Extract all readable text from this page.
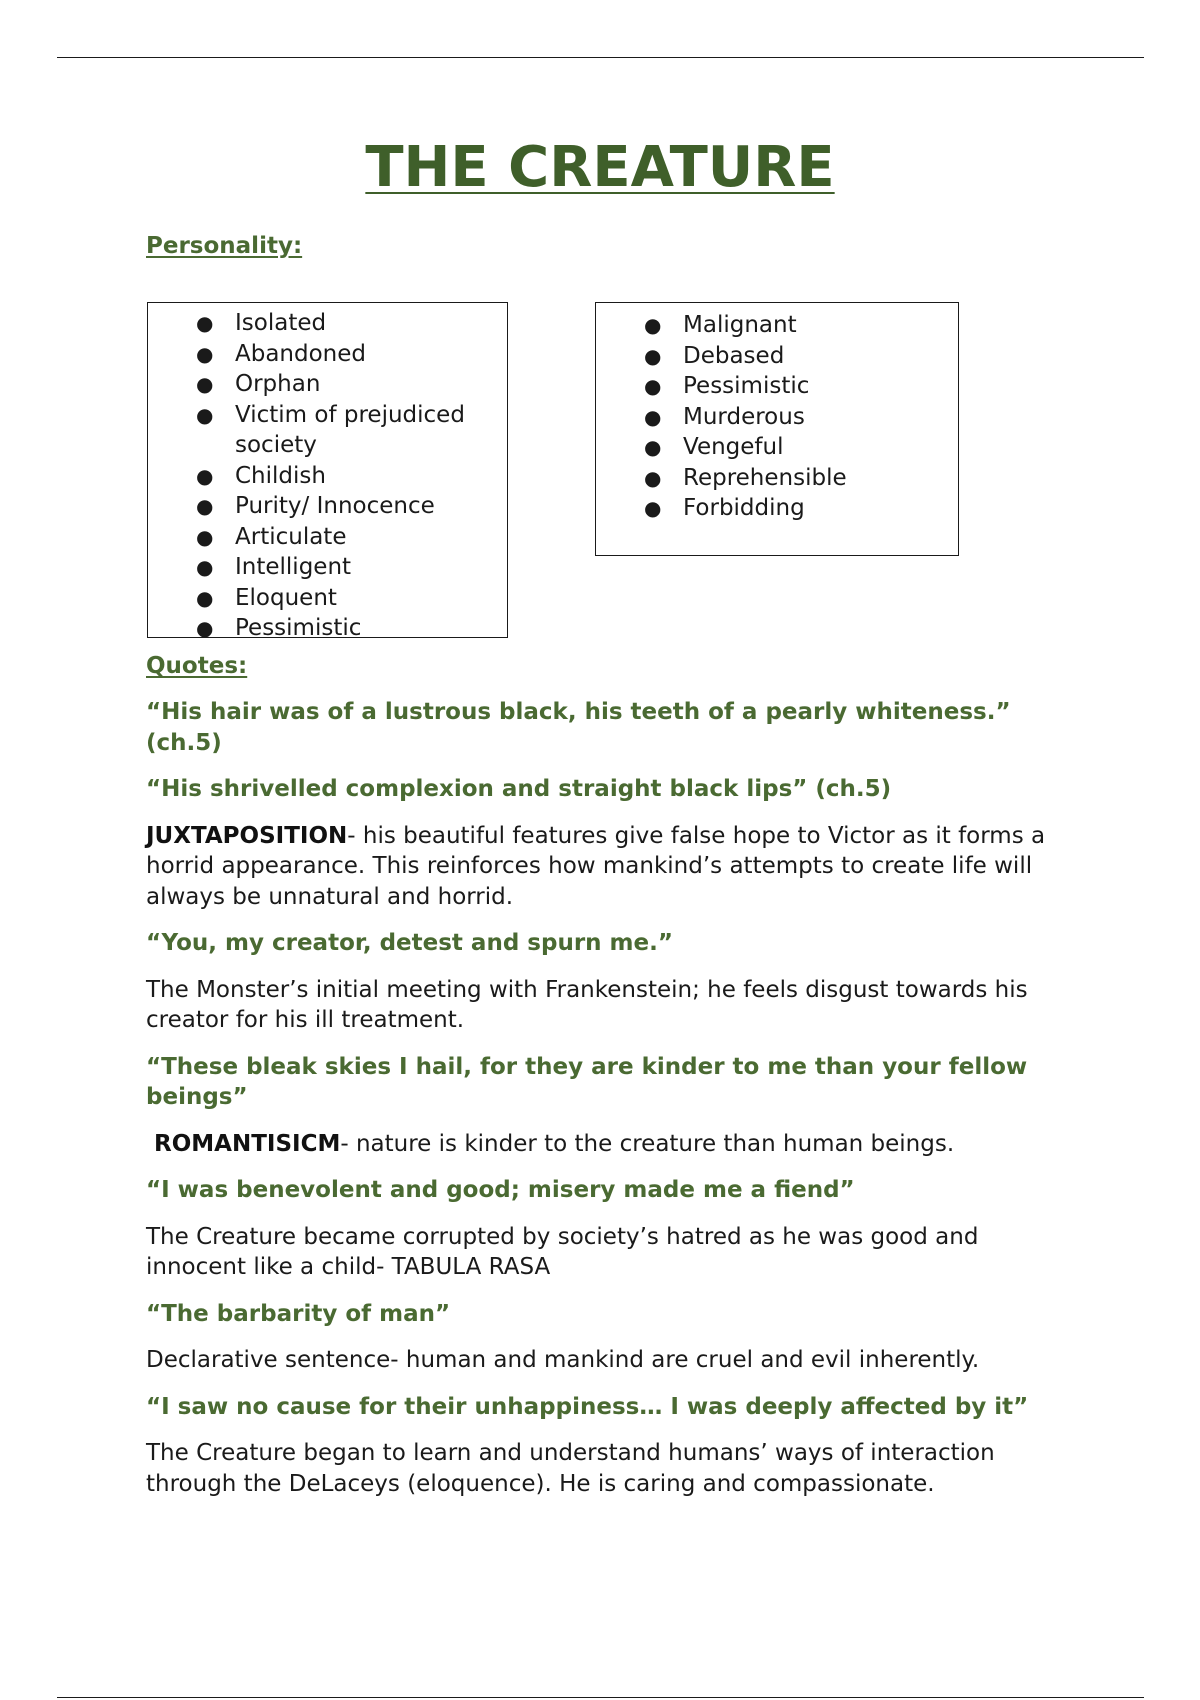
THE CREATURE
Personality:
● Isolated
● Abandoned
● Orphan
● Victim of prejudiced society
● Childish
● Purity/ Innocence
● Articulate
● Intelligent
● Eloquent
● Pessimistic
● Malignant
● Debased
● Pessimistic
● Murderous
● Vengeful
● Reprehensible
● Forbidding
Quotes:

“His hair was of a lustrous black, his teeth of a pearly whiteness.” (ch.5)

“His shrivelled complexion and straight black lips” (ch.5)

JUXTAPOSITION- his beautiful features give false hope to Victor as it forms a horrid appearance. This reinforces how mankind’s attempts to create life will always be unnatural and horrid.

“You, my creator, detest and spurn me.”

The Monster’s initial meeting with Frankenstein; he feels disgust towards his creator for his ill treatment.

“These bleak skies I hail, for they are kinder to me than your fellow beings”

ROMANTISICM- nature is kinder to the creature than human beings.

“I was benevolent and good; misery made me a fiend”

The Creature became corrupted by society’s hatred as he was good and innocent like a child- TABULA RASA

“The barbarity of man”

Declarative sentence- human and mankind are cruel and evil inherently.

“I saw no cause for their unhappiness… I was deeply affected by it”

The Creature began to learn and understand humans’ ways of interaction through the DeLaceys (eloquence). He is caring and compassionate.
